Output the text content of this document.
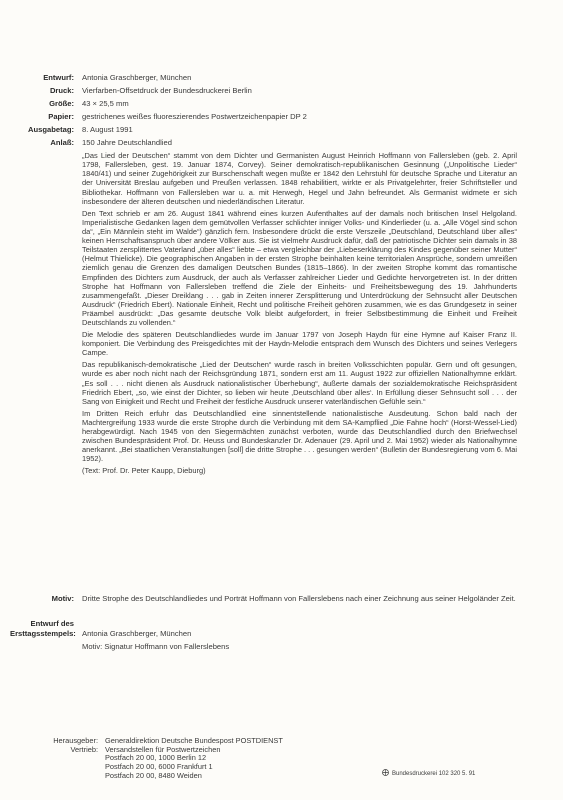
Entwurf: Antonia Graschberger, München
Druck: Vierfarben-Offsetdruck der Bundesdruckerei Berlin
Größe: 43 × 25,5 mm
Papier: gestrichenes weißes fluoreszierendes Postwertzeichenpapier DP 2
Ausgabetag: 8. August 1991
Anlaß: 150 Jahre Deutschlandlied

„Das Lied der Deutschen“ stammt von dem Dichter und Germanisten August Heinrich Hoffmann von Fallersleben (geb. 2. April 1798, Fallersleben, gest. 19. Januar 1874, Corvey). Seiner demokratisch-republikanischen Gesinnung („Unpolitische Lieder“ 1840/41) und seiner Zugehörigkeit zur Burschenschaft wegen mußte er 1842 den Lehrstuhl für deutsche Sprache und Literatur an der Universität Breslau aufgeben und Preußen verlassen. 1848 rehabilitiert, wirkte er als Privatgelehrter, freier Schriftsteller und Bibliothekar. Hoffmann von Fallersleben war u. a. mit Herwegh, Hegel und Jahn befreundet. Als Germanist widmete er sich insbesondere der älteren deutschen und niederländischen Literatur.

Den Text schrieb er am 26. August 1841 während eines kurzen Aufenthaltes auf der damals noch britischen Insel Helgoland. Imperialistische Gedanken lagen dem gemütvollen Verfasser schlichter inniger Volks- und Kinderlieder (u. a. „Alle Vögel sind schon da“, „Ein Männlein steht im Walde“) gänzlich fern. Insbesondere drückt die erste Verszeile „Deutschland, Deutschland über alles“ keinen Herrschaftsanspruch über andere Völker aus. Sie ist vielmehr Ausdruck dafür, daß der patriotische Dichter sein damals in 38 Teilstaaten zersplittertes Vaterland „über alles“ liebte – etwa vergleichbar der „Liebeserklärung des Kindes gegenüber seiner Mutter“ (Helmut Thielicke). Die geographischen Angaben in der ersten Strophe beinhalten keine territorialen Ansprüche, sondern umreißen ziemlich genau die Grenzen des damaligen Deutschen Bundes (1815–1866). In der zweiten Strophe kommt das romantische Empfinden des Dichters zum Ausdruck, der auch als Verfasser zahlreicher Lieder und Gedichte hervorgetreten ist. In der dritten Strophe hat Hoffmann von Fallersleben treffend die Ziele der Einheits- und Freiheitsbewegung des 19. Jahrhunderts zusammengefaßt. „Dieser Dreiklang . . . gab in Zeiten innerer Zersplitterung und Unterdrückung der Sehnsucht aller Deutschen Ausdruck“ (Friedrich Ebert). Nationale Einheit, Recht und politische Freiheit gehören zusammen, wie es das Grundgesetz in seiner Präambel ausdrückt: „Das gesamte deutsche Volk bleibt aufgefordert, in freier Selbstbestimmung die Einheit und Freiheit Deutschlands zu vollenden.“

Die Melodie des späteren Deutschlandliedes wurde im Januar 1797 von Joseph Haydn für eine Hymne auf Kaiser Franz II. komponiert. Die Verbindung des Preisgedichtes mit der Haydn-Melodie entsprach dem Wunsch des Dichters und seines Verlegers Campe.

Das republikanisch-demokratische „Lied der Deutschen“ wurde rasch in breiten Volksschichten populär. Gern und oft gesungen, wurde es aber noch nicht nach der Reichsgründung 1871, sondern erst am 11. August 1922 zur offiziellen Nationalhymne erklärt. „Es soll . . . nicht dienen als Ausdruck nationalistischer Überhebung“, äußerte damals der sozialdemokratische Reichspräsident Friedrich Ebert, „so, wie einst der Dichter, so lieben wir heute ‚Deutschland über alles‘. In Erfüllung dieser Sehnsucht soll . . . der Sang von Einigkeit und Recht und Freiheit der festliche Ausdruck unserer vaterländischen Gefühle sein.“

Im Dritten Reich erfuhr das Deutschlandlied eine sinnentstellende nationalistische Ausdeutung. Schon bald nach der Machtergreifung 1933 wurde die erste Strophe durch die Verbindung mit dem SA-Kampflied „Die Fahne hoch“ (Horst-Wessel-Lied) herabgewürdigt. Nach 1945 von den Siegermächten zunächst verboten, wurde das Deutschlandlied durch den Briefwechsel zwischen Bundespräsident Prof. Dr. Heuss und Bundeskanzler Dr. Adenauer (29. April und 2. Mai 1952) wieder als Nationalhymne anerkannt. „Bei staatlichen Veranstaltungen [soll] die dritte Strophe . . . gesungen werden“ (Bulletin der Bundesregierung vom 6. Mai 1952).

(Text: Prof. Dr. Peter Kaupp, Dieburg)

Motiv: Dritte Strophe des Deutschlandliedes und Porträt Hoffmann von Fallerslebens nach einer Zeichnung aus seiner Helgoländer Zeit.
Entwurf des
Ersttagsstempels: Antonia Graschberger, München
Motiv: Signatur Hoffmann von Fallerslebens
Herausgeber:
Vertrieb:
Generaldirektion Deutsche Bundespost POSTDIENST
Versandstellen für Postwertzeichen
Postfach 20 00, 1000 Berlin 12
Postfach 20 00, 6000 Frankfurt 1
Postfach 20 00, 8480 Weiden	Bundesdruckerei 102 320 5. 91
